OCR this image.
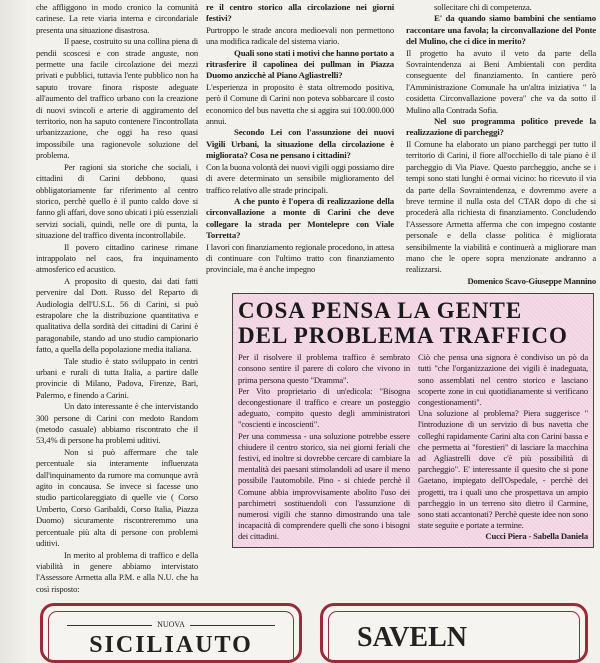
che affliggono in modo cronico la comunità carinese. La rete viaria interna e circondariale presenta una situazione disastrosa.

Il paese, costruito su una collina piena di pendii scoscesi e con strade anguste, non permette una facile circolazione dei mezzi privati e pubblici, tuttavia l'ente pubblico non ha saputo trovare finora risposte adeguate all'aumento del traffico urbano con la creazione di nuovi svincoli e arterie di aggiramento del territorio, non ha saputo contenere l'incontrollata urbanizzazione, che oggi ha reso quasi impossibile una ragionevole soluzione del problema.

Per ragioni sia storiche che sociali, i cittadini di Carini debbono, quasi obbligatoriamente far riferimento al centro storico, perchè quello è il punto caldo dove si fanno gli affari, dove sono ubicati i più essenziali servizi sociali, quindi, nelle ore di punta, la situazione del traffico diventa incontrollabile.

Il povero cittadino carinese rimane intrappolato nel caos, fra inquinamento atmosferico ed acustico.

A proposito di questo, dai dati fatti pervenire dal Dott. Russo del Reparto di Audiologia dell'U.S.L. 56 di Carini, si può estrapolare che la distribuzione quantitativa e qualitativa della sordità dei cittadini di Carini è paragonabile, stando ad uno studio campionario fatto, a quella della popolazione media italiana.

Tale studio è stato sviluppato in centri urbani e rurali di tutta Italia, a partire dalle provincie di Milano, Padova, Firenze, Bari, Palermo, e finendo a Carini.

Un dato interessante è che intervistando 300 persone di Carini con medoto Random (metodo casuale) abbiamo riscontrato che il 53,4% di persone ha problemi uditivi.

Non si può affermare che tale percentuale sia interamente influenzata dall'inquinamento da rumore ma comunque avrà agito in concausa. Se invece si facesse uno studio particolareggiato di quelle vie ( Corso Umberto, Corso Garibaldi, Corso Italia, Piazza Duomo) sicuramente riscontreremmo una percentuale più alta di persone con problemi uditivi.

In merito al problema di traffico e della viabilità in genere abbiamo intervistato l'Assessore Armetta alla P.M. e alla N.U. che ha così risposto:

re il centro storico alla circolazione nei giorni festivi?

Purtroppo le strade ancora medioevali non permettono una modifica radicale del sistema viario.

Quali sono stati i motivi che hanno portato a ritrasferire il capolinea dei pullman in Piazza Duomo anzicchè al Piano Agliastrelli?

L'esperienza in proposito è stata oltremodo positiva, però il Comune di Carini non poteva sobbarcare il costo economico del bus navetta che si aggira sui 100.000.000 annui.

Secondo Lei con l'assunzione dei nuovi Vigili Urbani, la situazione della circolazione è migliorata? Cosa ne pensano i cittadini?

Con la buona volontà dei nuovi vigili oggi possiamo dire di avere determinato un sensibile miglioramento del traffico relativo alle strade principali.

A che punto è l'opera di realizzazione della circonvallazione a monte di Carini che deve collegare la strada per Montelepre con Viale Torretta?

I lavori con finanziamento regionale procedono, in attesa di continuare con l'ultimo tratto con finanziamento provinciale, ma è anche impegno

sollecitare chi di competenza.

E' da quando siamo bambini che sentiamo raccontare una favola; la circonvallazione del Ponte del Mulino, che ci dice in merito?

Il progetto ha avuto il veto da parte della Sovraintendenza ai Beni Ambientali con perdita conseguente del finanziamento. In cantiere però l'Amministrazione Comunale ha un'altra iniziativa " la cosidetta Circonvallazione povera" che va da sotto il Mulino alla Contrada Sofia.

Nel suo programma politico prevede la realizzazione di parcheggi?

Il Comune ha elaborato un piano parcheggi per tutto il territorio di Carini, il fiore all'occhiello di tale piano è il parcheggio di Via Piave. Questo parcheggio, anche se i tempi sono stati lunghi è ormai vicino: ho ricevuto il via da parte della Sovraintendenza, e dovremmo avere a breve termine il nulla osta del CTAR dopo di che si procederà alla richiesta di finanziamento. Concludendo l'Assessore Armetta afferma che con impegno costante personale e della classe politica è migliorata sensibilmente la viabilità e continuerà a migliorare man mano che le opere sopra menzionate andranno a realizzarsi.

Domenico Scavo-Giuseppe Mannino

COSA PENSA LA GENTE
DEL PROBLEMA TRAFFICO

Per il risolvere il problema traffico è sembrato consono sentire il parere di coloro che vivono in prima persona questo "Dramma".

Per Vito proprietario di un'edicola: "Bisogna decongestionare il traffico e creare un posteggio adeguato, compito questo degli amministratori "coscienti e incoscienti".

Per una commessa - una soluzione potrebbe essere chiudere il centro storico, sia nei giorni feriali che festivi, ed inoltre si dovrebbe cercare di cambiare la mentalità dei paesani stimolandoli ad usare il meno possibile l'automobile. Pino - si chiede perchè il Comune abbia improvvisamente abolito l'uso dei parchimetri sostituendoli con l'assunzione di numerosi vigili che stanno dimostrando una tale incapacità di comprendere quelli che sono i bisogni dei cittadini.

Ciò che pensa una signora è condiviso un pò da tutti "che l'organizzazione dei vigili è inadeguata, sono assemblati nel centro storico e lasciano scoperte zone in cui quotidianamente si verificano congestionamenti".

Una soluzione al problema? Piera suggerisce " l'introduzione di un servizio di bus navetta che colleghi rapidamente Carini alta con Carini bassa e che permetta ai "forestieri" di lasciare la macchina ad Agliastrelli dove c'è più possibilità di parcheggio". E' interessante il quesito che si pone Gaetano, impiegato dell'Ospedale, - perchè dei progetti, tra i quali uno che prospettava un ampio parcheggio in un terreno sito dietro il Carmine, sono stati accantonati? Perchè queste idee non sono state seguite e portate a termine.

Cucci Piera - Sabella Daniela

NUOVA
SICILIAUTO	SAVELN
